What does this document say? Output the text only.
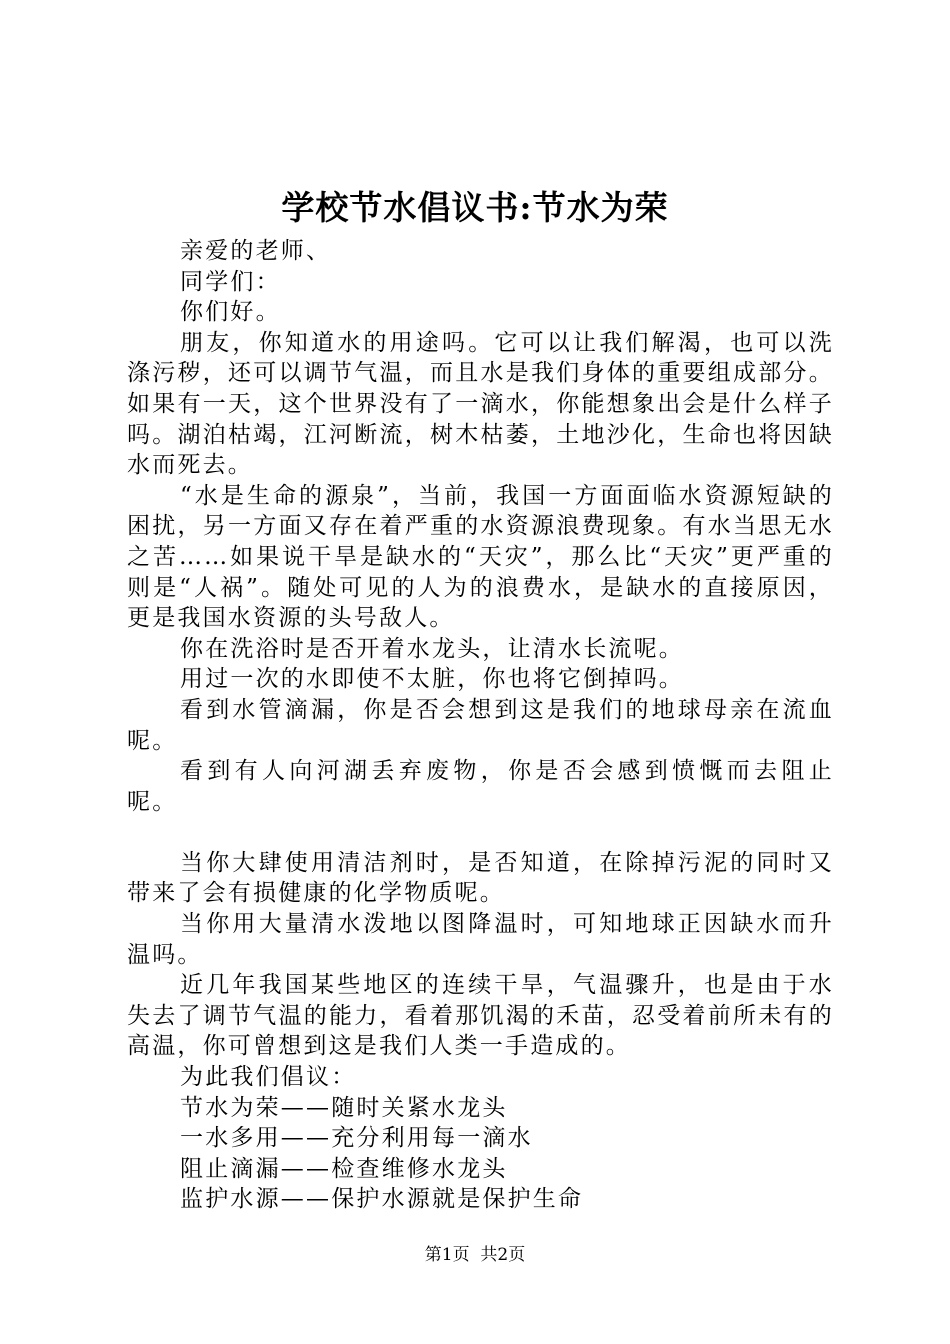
学校节水倡议书:节水为荣

亲爱的老师、

同学们：

你们好。

朋友，你知道水的用途吗。它可以让我们解渴，也可以洗涤污秽，还可以调节气温，而且水是我们身体的重要组成部分。如果有一天，这个世界没有了一滴水，你能想象出会是什么样子吗。湖泊枯竭，江河断流，树木枯萎，土地沙化，生命也将因缺水而死去。

“水是生命的源泉”，当前，我国一方面面临水资源短缺的困扰，另一方面又存在着严重的水资源浪费现象。有水当思无水之苦……如果说干旱是缺水的“天灾”，那么比“天灾”更严重的则是“人祸”。随处可见的人为的浪费水，是缺水的直接原因，更是我国水资源的头号敌人。

你在洗浴时是否开着水龙头，让清水长流呢。

用过一次的水即使不太脏，你也将它倒掉吗。

看到水管滴漏，你是否会想到这是我们的地球母亲在流血呢。

看到有人向河湖丢弃废物，你是否会感到愤慨而去阻止呢。

当你大肆使用清洁剂时，是否知道，在除掉污泥的同时又带来了会有损健康的化学物质呢。

当你用大量清水泼地以图降温时，可知地球正因缺水而升温吗。

近几年我国某些地区的连续干旱，气温骤升，也是由于水失去了调节气温的能力，看着那饥渴的禾苗，忍受着前所未有的高温，你可曾想到这是我们人类一手造成的。

为此我们倡议：

节水为荣——随时关紧水龙头

一水多用——充分利用每一滴水

阻止滴漏——检查维修水龙头

监护水源——保护水源就是保护生命

第1页  共2页
